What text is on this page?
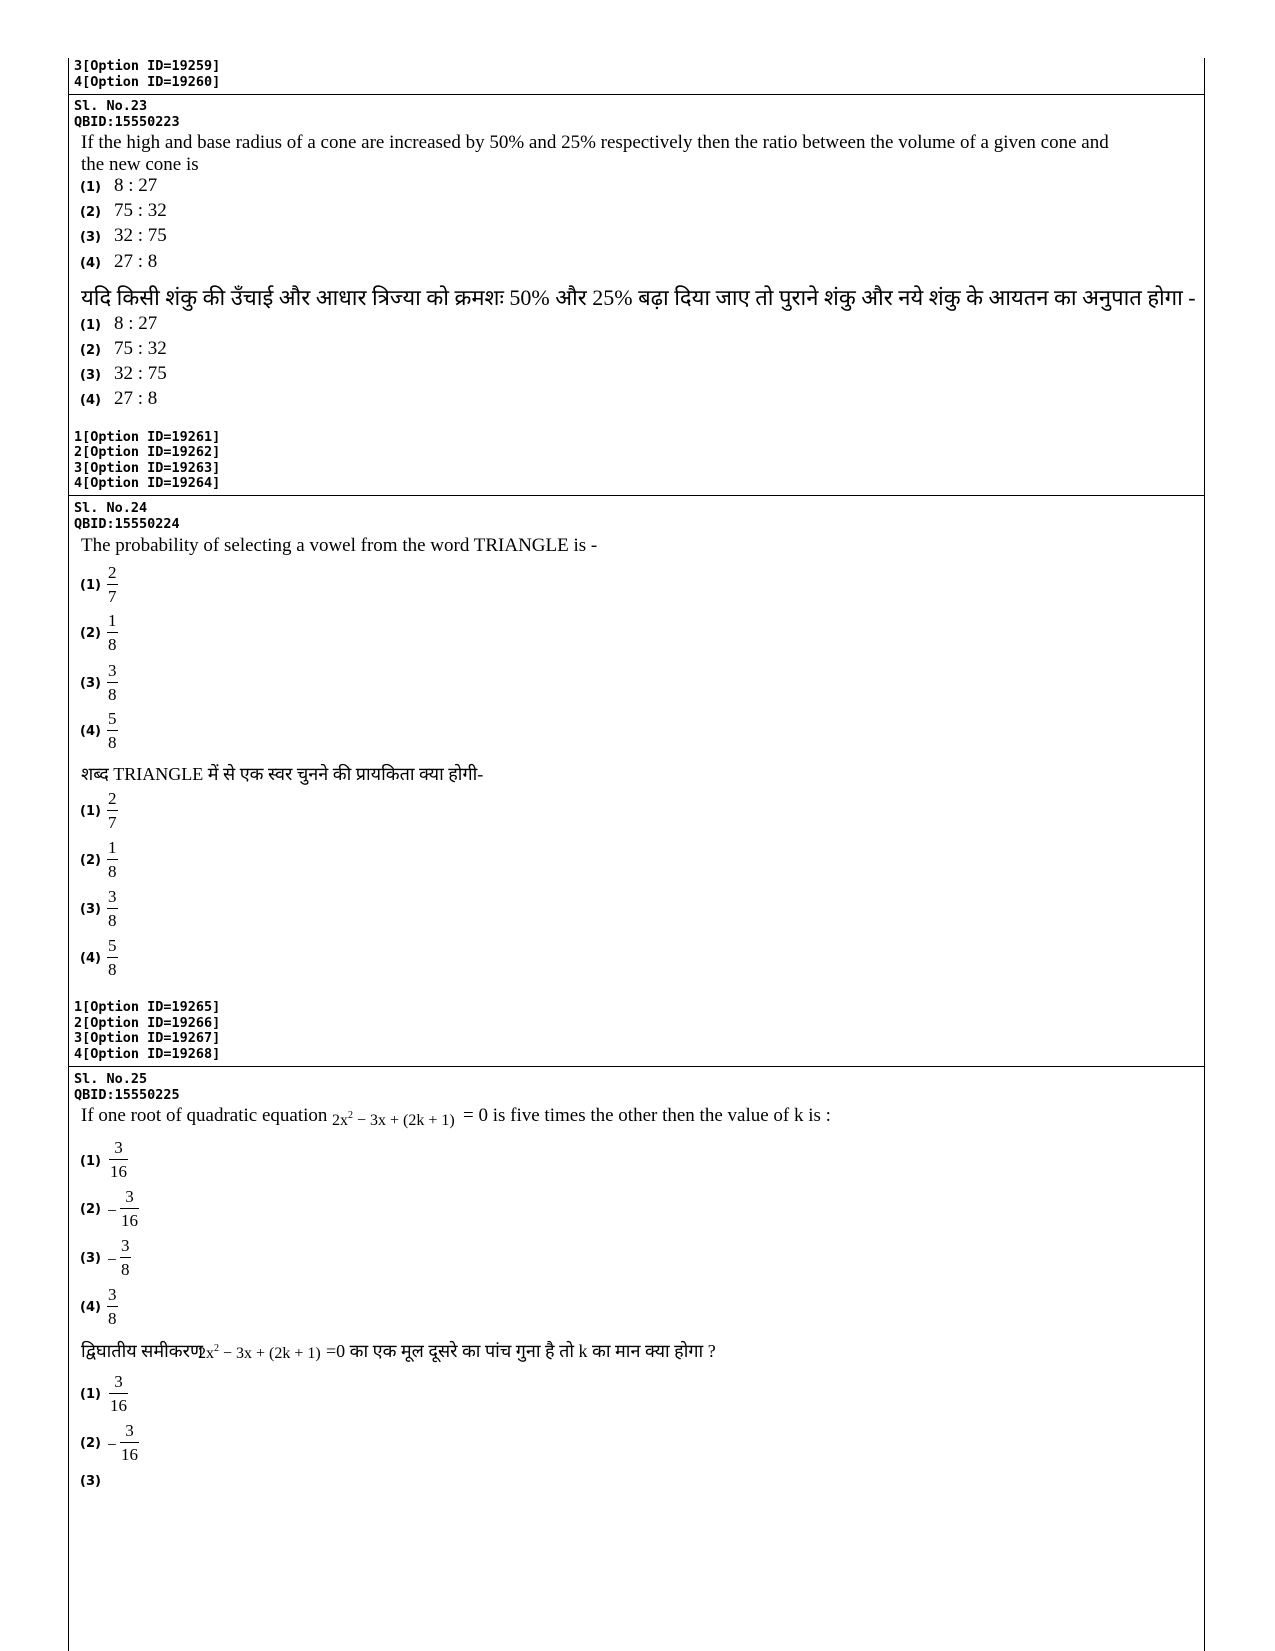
3[Option ID=19259]
4[Option ID=19260]
Sl. No.23
QBID:15550223
If the high and base radius of a cone are increased by 50% and 25% respectively then the ratio between the volume of a given cone and
the new cone is
(1) 8 : 27
(2) 75 : 32
(3) 32 : 75
(4) 27 : 8
यदि किसी शंकु की उँचाई और आधार त्रिज्या को क्रमशः 50% और 25% बढ़ा दिया जाए तो पुराने शंकु और नये शंकु के आयतन का अनुपात होगा -
(1) 8 : 27
(2) 75 : 32
(3) 32 : 75
(4) 27 : 8
1[Option ID=19261]
2[Option ID=19262]
3[Option ID=19263]
4[Option ID=19264]
Sl. No.24
QBID:15550224
The probability of selecting a vowel from the word TRIANGLE is -
(1)
2
7
(2)
1
8
(3)
3
8
(4)
5
8
शब्द TRIANGLE में से एक स्वर चुनने की प्रायकिता क्या होगी-
(1)
2
7
(2)
1
8
(3)
3
8
(4)
5
8
1[Option ID=19265]
2[Option ID=19266]
3[Option ID=19267]
4[Option ID=19268]
Sl. No.25
QBID:15550225
If one root of quadratic equation $2x^2 - 3x + (2k + 1) = 0$ is five times the other then the value of k is :
(1)
3
16
(2) −
3
16
(3) −
3
8
(4)
3
8
द्विघातीय समीकरण
$2x^2 - 3x + (2k + 1) =0$ का एक मूल दूसरे का पांच गुना है तो k का मान क्या होगा ?
(1)
3
16
(2) −
3
16
(3)
